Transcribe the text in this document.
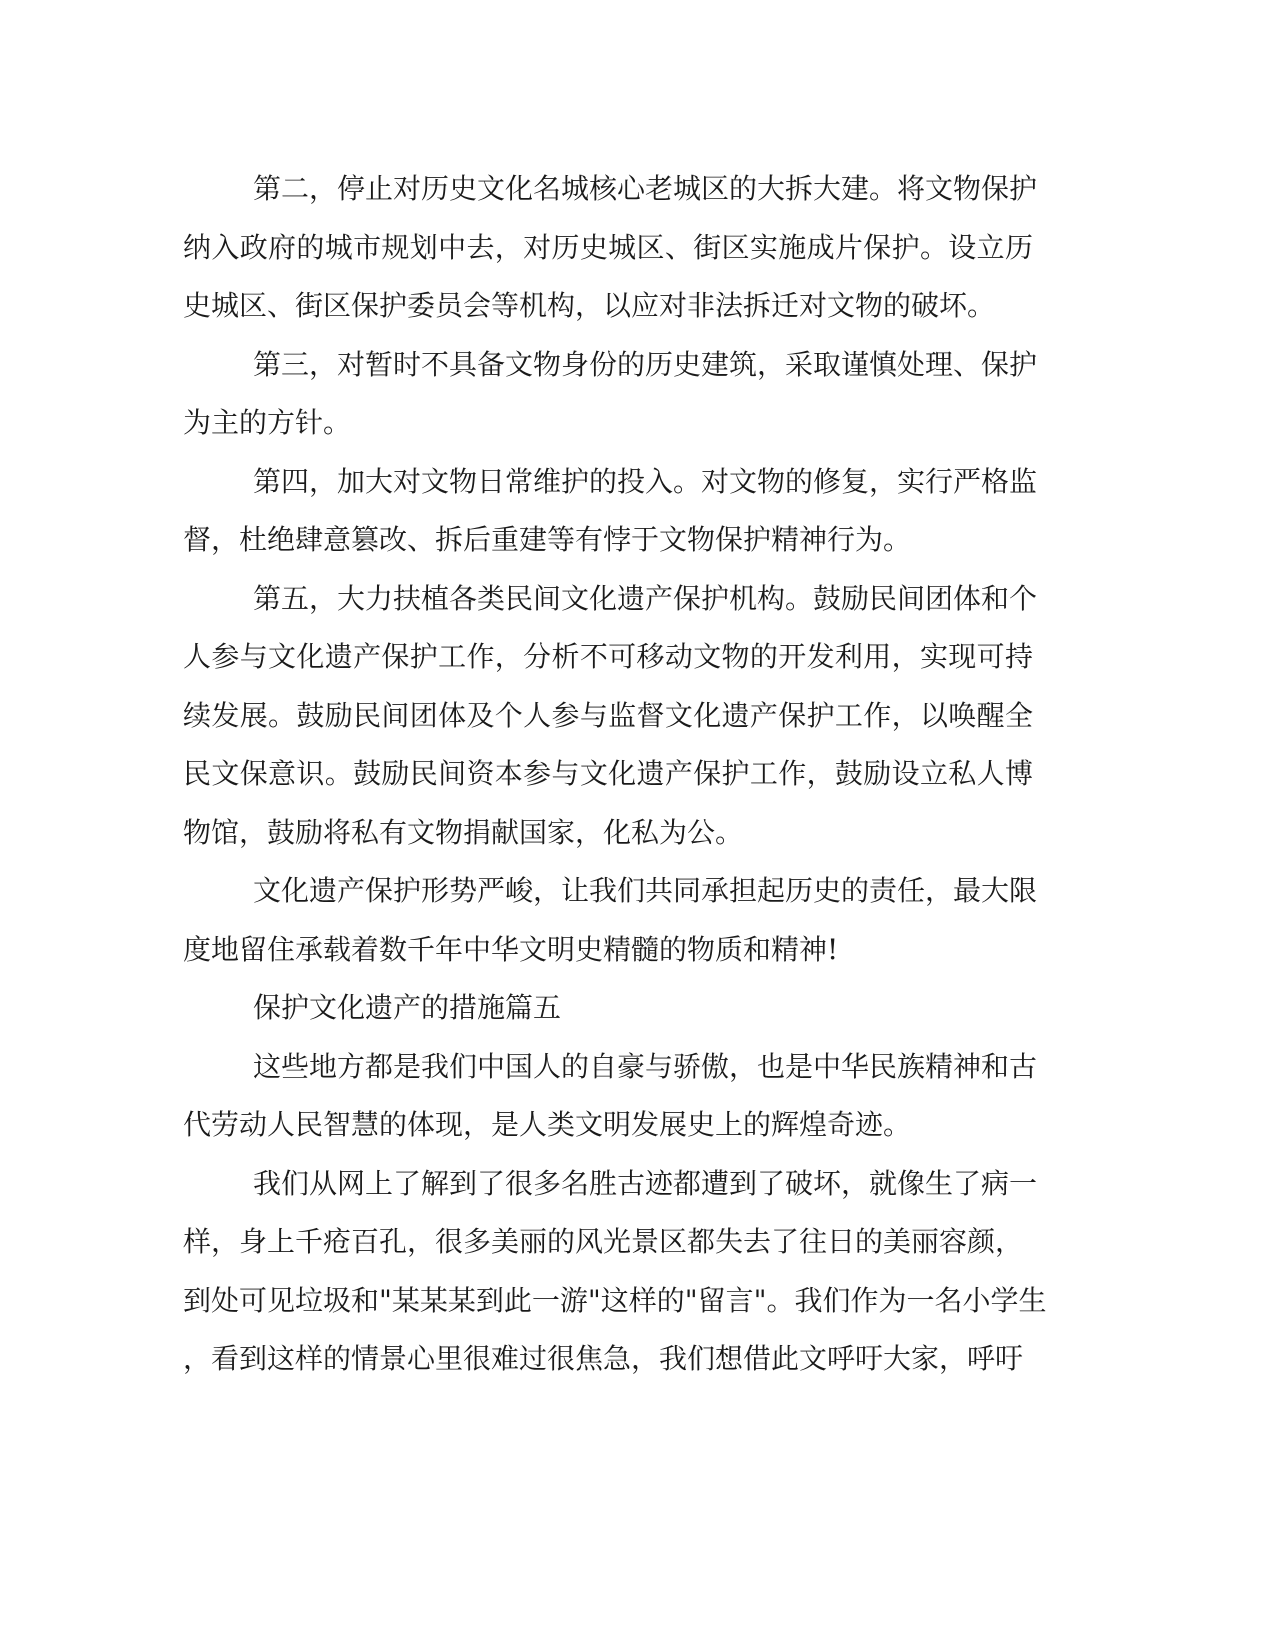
第二，停止对历史文化名城核心老城区的大拆大建。将文物保护
纳入政府的城市规划中去，对历史城区、街区实施成片保护。设立历
史城区、街区保护委员会等机构，以应对非法拆迁对文物的破坏。
第三，对暂时不具备文物身份的历史建筑，采取谨慎处理、保护
为主的方针。
第四，加大对文物日常维护的投入。对文物的修复，实行严格监
督，杜绝肆意篡改、拆后重建等有悖于文物保护精神行为。
第五，大力扶植各类民间文化遗产保护机构。鼓励民间团体和个
人参与文化遗产保护工作，分析不可移动文物的开发利用，实现可持
续发展。鼓励民间团体及个人参与监督文化遗产保护工作，以唤醒全
民文保意识。鼓励民间资本参与文化遗产保护工作，鼓励设立私人博
物馆，鼓励将私有文物捐献国家，化私为公。
文化遗产保护形势严峻，让我们共同承担起历史的责任，最大限
度地留住承载着数千年中华文明史精髓的物质和精神!
保护文化遗产的措施篇五
这些地方都是我们中国人的自豪与骄傲，也是中华民族精神和古
代劳动人民智慧的体现，是人类文明发展史上的辉煌奇迹。
我们从网上了解到了很多名胜古迹都遭到了破坏，就像生了病一
样，身上千疮百孔，很多美丽的风光景区都失去了往日的美丽容颜，
到处可见垃圾和"某某某到此一游"这样的"留言"。我们作为一名小学生
，看到这样的情景心里很难过很焦急，我们想借此文呼吁大家，呼吁
